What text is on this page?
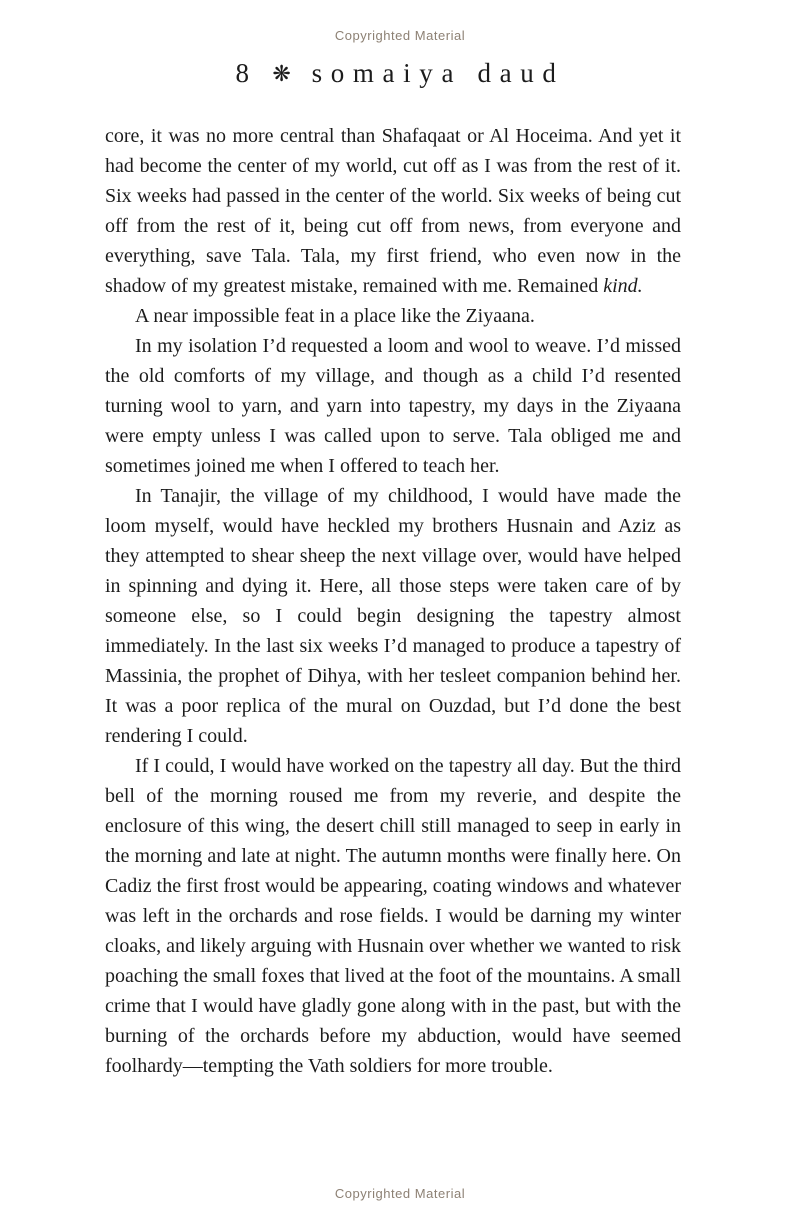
Copyrighted Material
8 ❋ somaiya daud

core, it was no more central than Shafaqaat or Al Hoceima. And yet it had become the center of my world, cut off as I was from the rest of it. Six weeks had passed in the center of the world. Six weeks of being cut off from the rest of it, being cut off from news, from everyone and everything, save Tala. Tala, my first friend, who even now in the shadow of my greatest mistake, remained with me. Remained kind.

A near impossible feat in a place like the Ziyaana.

In my isolation I’d requested a loom and wool to weave. I’d missed the old comforts of my village, and though as a child I’d resented turning wool to yarn, and yarn into tapestry, my days in the Ziyaana were empty unless I was called upon to serve. Tala obliged me and sometimes joined me when I offered to teach her.

In Tanajir, the village of my childhood, I would have made the loom myself, would have heckled my brothers Husnain and Aziz as they attempted to shear sheep the next village over, would have helped in spinning and dying it. Here, all those steps were taken care of by someone else, so I could begin designing the tapestry almost immediately. In the last six weeks I’d managed to produce a tapestry of Massinia, the prophet of Dihya, with her tesleet companion behind her. It was a poor replica of the mural on Ouzdad, but I’d done the best rendering I could.

If I could, I would have worked on the tapestry all day. But the third bell of the morning roused me from my reverie, and despite the enclosure of this wing, the desert chill still managed to seep in early in the morning and late at night. The autumn months were finally here. On Cadiz the first frost would be appearing, coating windows and whatever was left in the orchards and rose fields. I would be darning my winter cloaks, and likely arguing with Husnain over whether we wanted to risk poaching the small foxes that lived at the foot of the mountains. A small crime that I would have gladly gone along with in the past, but with the burning of the orchards before my abduction, would have seemed foolhardy—tempting the Vath soldiers for more trouble.

Copyrighted Material
